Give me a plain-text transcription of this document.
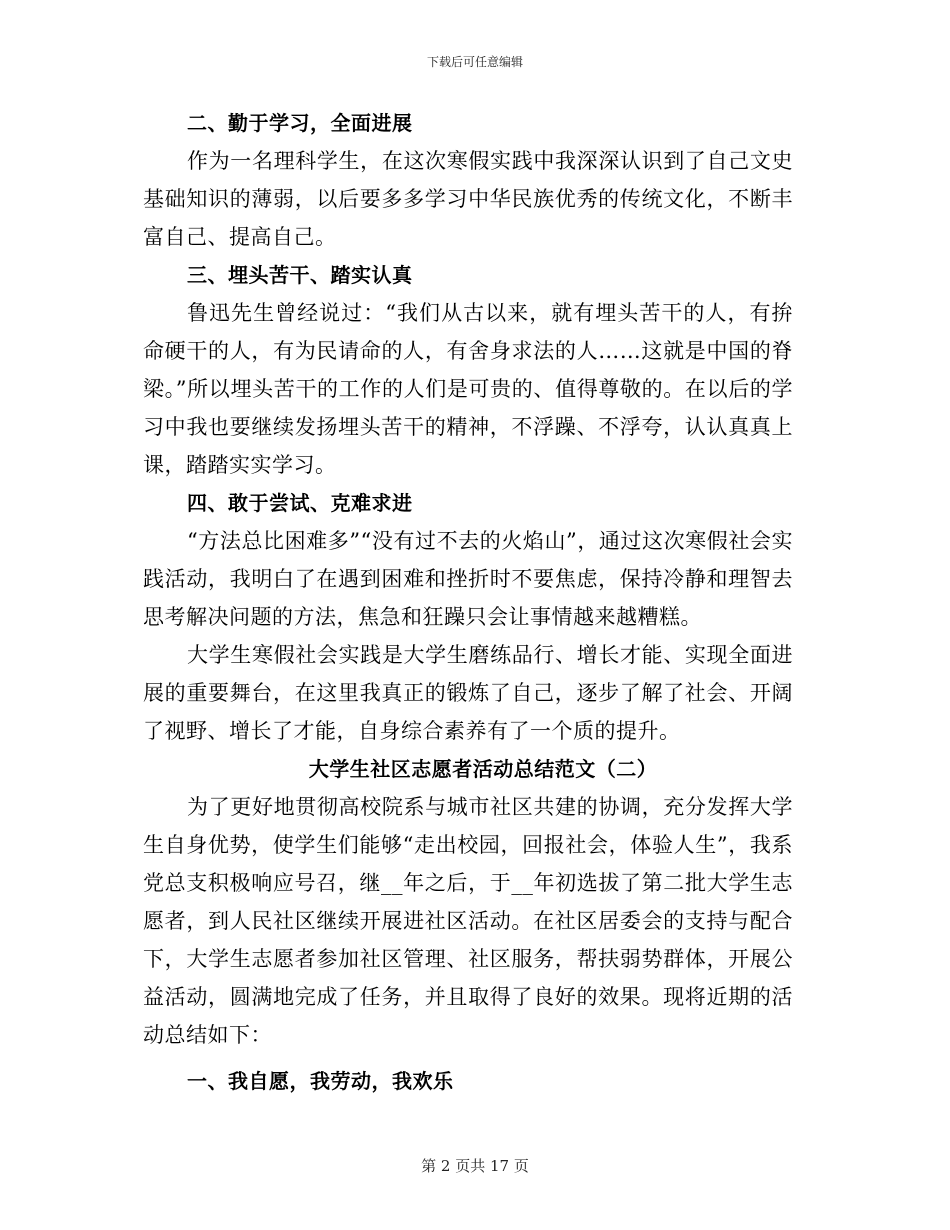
下载后可任意编辑

二、勤于学习，全面进展

作为一名理科学生，在这次寒假实践中我深深认识到了自己文史基础知识的薄弱，以后要多多学习中华民族优秀的传统文化，不断丰富自己、提高自己。

三、埋头苦干、踏实认真

鲁迅先生曾经说过：“我们从古以来，就有埋头苦干的人，有拚命硬干的人，有为民请命的人，有舍身求法的人……这就是中国的脊梁。”所以埋头苦干的工作的人们是可贵的、值得尊敬的。在以后的学习中我也要继续发扬埋头苦干的精神，不浮躁、不浮夸，认认真真上课，踏踏实实学习。

四、敢于尝试、克难求进

“方法总比困难多”“没有过不去的火焰山”，通过这次寒假社会实践活动，我明白了在遇到困难和挫折时不要焦虑，保持冷静和理智去思考解决问题的方法，焦急和狂躁只会让事情越来越糟糕。

大学生寒假社会实践是大学生磨练品行、增长才能、实现全面进展的重要舞台，在这里我真正的锻炼了自己，逐步了解了社会、开阔了视野、增长了才能，自身综合素养有了一个质的提升。

大学生社区志愿者活动总结范文（二）

为了更好地贯彻高校院系与城市社区共建的协调，充分发挥大学生自身优势，使学生们能够“走出校园，回报社会，体验人生”，我系党总支积极响应号召，继__年之后，于__年初选拔了第二批大学生志愿者，到人民社区继续开展进社区活动。在社区居委会的支持与配合下，大学生志愿者参加社区管理、社区服务，帮扶弱势群体，开展公益活动，圆满地完成了任务，并且取得了良好的效果。现将近期的活动总结如下：

一、我自愿，我劳动，我欢乐

第 2 页共 17 页
